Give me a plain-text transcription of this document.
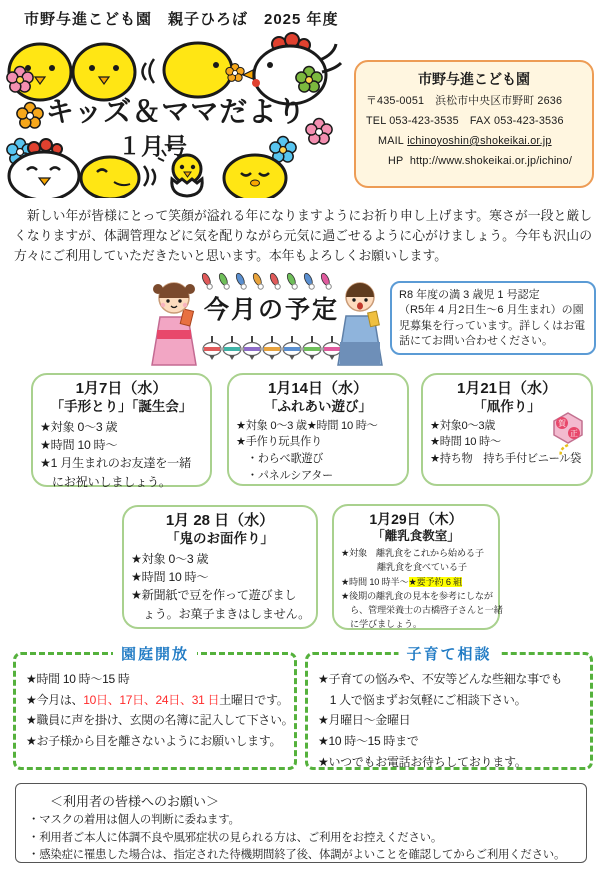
市野与進こども園　親子ひろば　2025 年度
キッズ＆ママだより
１月号
市野与進こども園
〒435-0051　浜松市中央区市野町 2636
TEL 053-423-3535　FAX 053-423-3536
MAIL ichinoyoshin@shokeikai.or.jp
HP http://www.shokeikai.or.jp/ichino/
　新しい年が皆様にとって笑顔が溢れる年になりますようにお祈り申し上げます。寒さが一段と厳しくなりますが、体調管理などに気を配りながら元気に過ごせるように心がけましょう。今年も沢山の方々にご利用していただきたいと思います。本年もよろしくお願いします。
今月の予定
R8 年度の満 3 歳児 1 号認定
（R5年 4 月2日生～6 月生まれ）の園児募集を行っています。詳しくはお電話にてお問い合わせください。
1月7日（水）
「手形とり」「誕生会」
★対象 0～3 歳
★時間 10 時～
★1 月生まれのお友達を一緒
　にお祝いしましょう。
1月14日（水）
「ふれあい遊び」
★対象 0～3 歳★時間 10 時～
★手作り玩具作り
　・わらべ歌遊び
　・パネルシアター
1月21日（水）
「凧作り」
★対象0～3歳
★時間 10 時～
★持ち物　持ち手付ビニール袋
賀
正
1月 28 日（水）
「鬼のお面作り」
★対象 0～3 歳
★時間 10 時～
★新聞紙で豆を作って遊びまし
　ょう。お菓子まきはしません。
1月29日（木）
「離乳食教室」
★対象　離乳食をこれから始める子
　　　　離乳食を食べている子
★時間 10 時半～★要予約 6 組
★後期の離乳食の見本を参考にしなが
　ら、管理栄養士の古橋啓子さんと一緒
　に学びましょう。
園庭開放
★時間 10 時～15 時
★今月は、10日、17日、24日、31 日土曜日です。
★職員に声を掛け、玄関の名簿に記入して下さい。
★お子様から目を離さないようにお願いします。
子育て相談
★子育ての悩みや、不安等どんな些細な事でも
　1 人で悩まずお気軽にご相談下さい。
★月曜日～金曜日
★10 時～15 時まで
★いつでもお電話お待ちしております。
＜利用者の皆様へのお願い＞
・マスクの着用は個人の判断に委ねます。
・利用者ご本人に体調不良や風邪症状の見られる方は、ご利用をお控えください。
・感染症に罹患した場合は、指定された待機期間終了後、体調がよいことを確認してからご利用ください。
